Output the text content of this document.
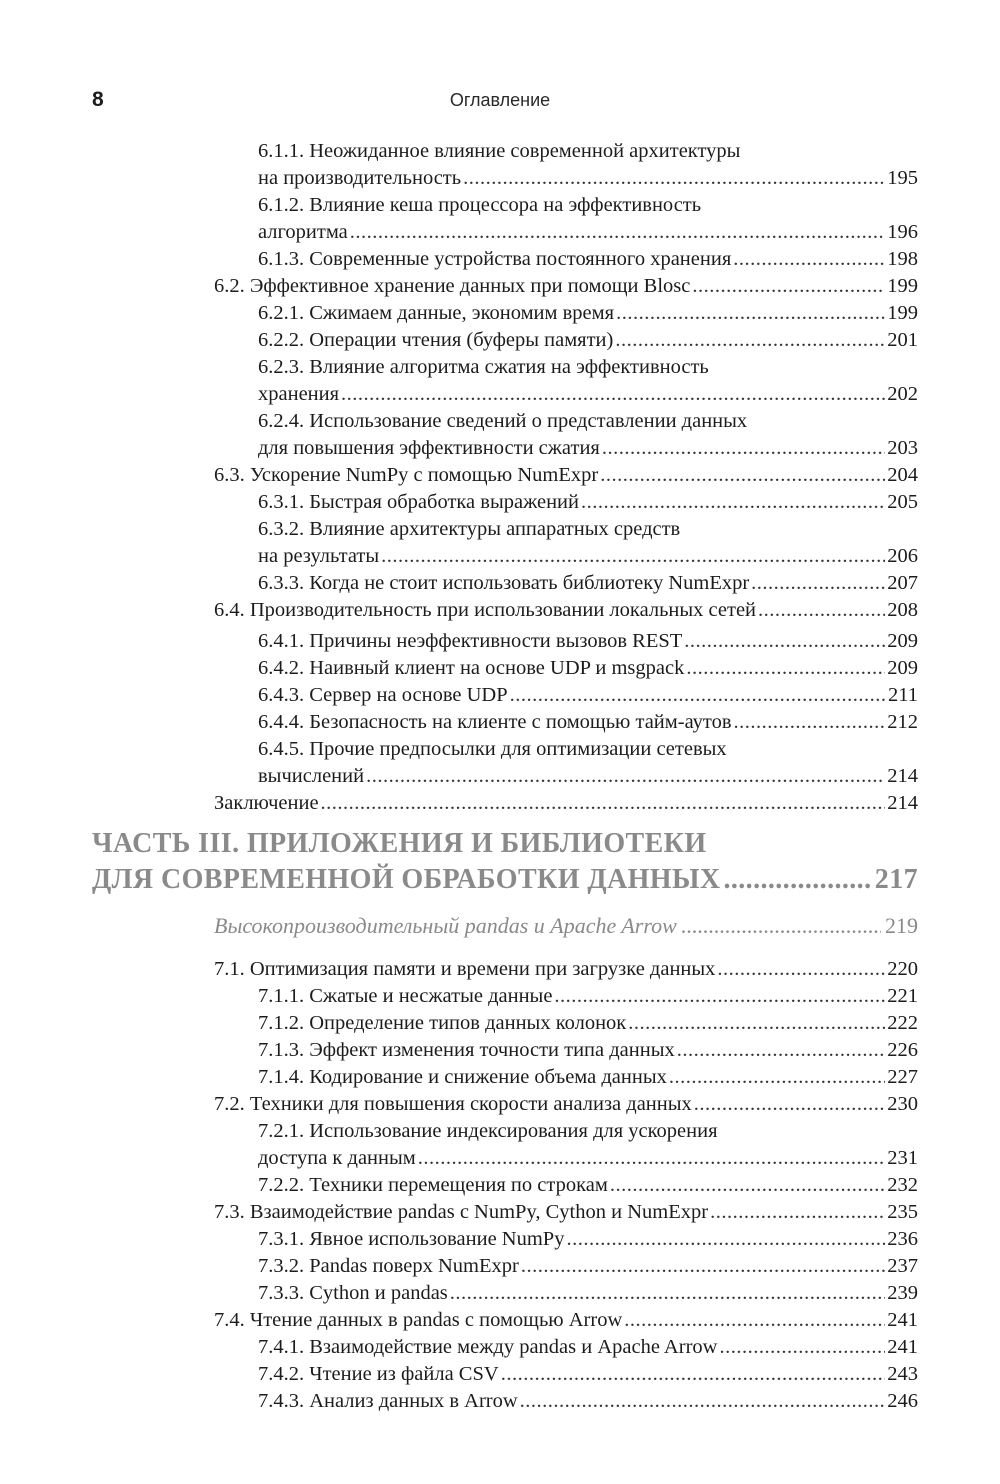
8	Оглавление
6.1.1. Неожиданное влияние современной архитектуры
на производительность .....	195
6.1.2. Влияние кеша процессора на эффективность
алгоритма .....	196
6.1.3. Современные устройства постоянного хранения .....	198
6.2. Эффективное хранение данных при помощи Blosc .....	199
6.2.1. Сжимаем данные, экономим время .....	199
6.2.2. Операции чтения (буферы памяти) .....	201
6.2.3. Влияние алгоритма сжатия на эффективность
хранения .....	202
6.2.4. Использование сведений о представлении данных
для повышения эффективности сжатия .....	203
6.3. Ускорение NumPy с помощью NumExpr .....	204
6.3.1. Быстрая обработка выражений .....	205
6.3.2. Влияние архитектуры аппаратных средств
на результаты .....	206
6.3.3. Когда не стоит использовать библиотеку NumExpr .....	207
6.4. Производительность при использовании локальных сетей .....	208
6.4.1. Причины неэффективности вызовов REST .....	209
6.4.2. Наивный клиент на основе UDP и msgpack .....	209
6.4.3. Сервер на основе UDP .....	211
6.4.4. Безопасность на клиенте с помощью тайм-аутов .....	212
6.4.5. Прочие предпосылки для оптимизации сетевых
вычислений .....	214
Заключение .....	214
ЧАСТЬ III. ПРИЛОЖЕНИЯ И БИБЛИОТЕКИ
ДЛЯ СОВРЕМЕННОЙ ОБРАБОТКИ ДАННЫХ .....	217
Высокопроизводительный pandas и Apache Arrow .....	219
7.1. Оптимизация памяти и времени при загрузке данных .....	220
7.1.1. Сжатые и несжатые данные .....	221
7.1.2. Определение типов данных колонок .....	222
7.1.3. Эффект изменения точности типа данных .....	226
7.1.4. Кодирование и снижение объема данных .....	227
7.2. Техники для повышения скорости анализа данных .....	230
7.2.1. Использование индексирования для ускорения
доступа к данным .....	231
7.2.2. Техники перемещения по строкам .....	232
7.3. Взаимодействие pandas с NumPy, Cython и NumExpr .....	235
7.3.1. Явное использование NumPy .....	236
7.3.2. Pandas поверх NumExpr .....	237
7.3.3. Cython и pandas .....	239
7.4. Чтение данных в pandas с помощью Arrow .....	241
7.4.1. Взаимодействие между pandas и Apache Arrow .....	241
7.4.2. Чтение из файла CSV .....	243
7.4.3. Анализ данных в Arrow .....	246
